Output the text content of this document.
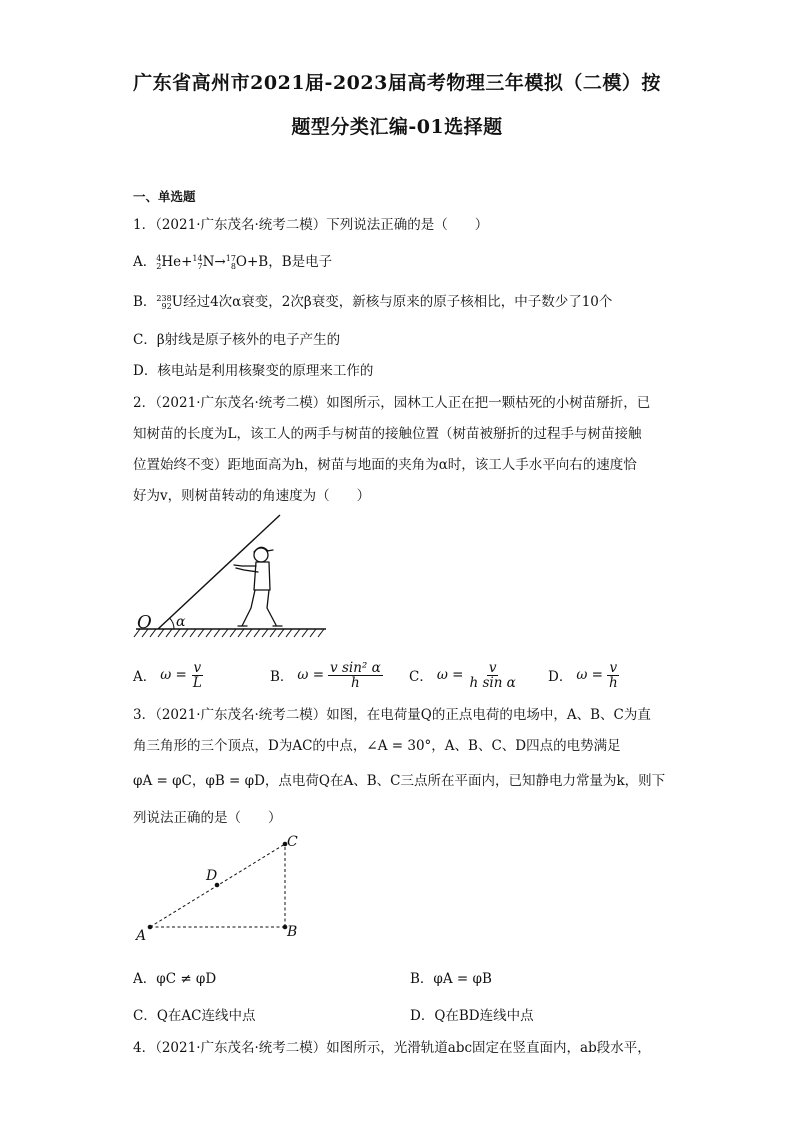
广东省高州市2021届-2023届高考物理三年模拟（二模）按
题型分类汇编-01选择题
一、单选题
1．（2021·广东茂名·统考二模）下列说法正确的是（　　）
A．4
2He+14
7N→17
8O+B，B是电子
B．238
92U经过4次α衰变，2次β衰变，新核与原来的原子核相比，中子数少了10个
C．β射线是原子核外的电子产生的
D．核电站是利用核聚变的原理来工作的
2．（2021·广东茂名·统考二模）如图所示，园林工人正在把一颗枯死的小树苗掰折，已
知树苗的长度为L，该工人的两手与树苗的接触位置（树苗被掰折的过程手与树苗接触
位置始终不变）距地面高为h，树苗与地面的夹角为α时，该工人手水平向右的速度恰
好为v，则树苗转动的角速度为（　　）
O α
A． $\omega = \frac{v}{L}$	B． $\omega = \frac{\text{v sin² α}}{h}$ C． $\omega = \frac{v}{\text{h sin α}}$ D． $\omega = \frac{v}{h}$
3．（2021·广东茂名·统考二模）如图，在电荷量Q的正点电荷的电场中，A、B、C为直
角三角形的三个顶点，D为AC的中点，∠A = 30°，A、B、C、D四点的电势满足
φA = φC，φB = φD，点电荷Q在A、B、C三点所在平面内，已知静电力常量为k，则下
列说法正确的是（　　）
A	B
C
D
A．φC ≠ φD	B．φA = φB
C．Q在AC连线中点	D．Q在BD连线中点
4．（2021·广东茂名·统考二模）如图所示，光滑轨道abc固定在竖直面内，ab段水平，
